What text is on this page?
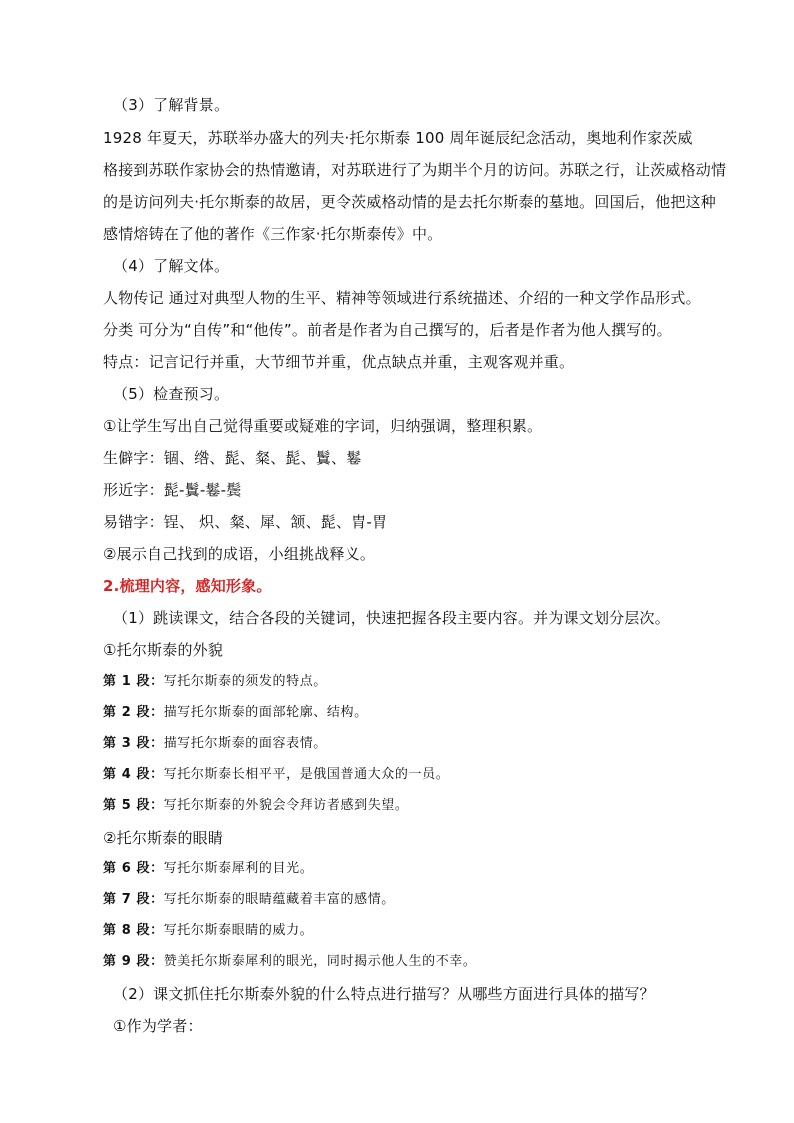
（3）了解背景。
1928 年夏天，苏联举办盛大的列夫·托尔斯泰 100 周年诞辰纪念活动，奥地利作家茨威
格接到苏联作家协会的热情邀请，对苏联进行了为期半个月的访问。苏联之行，让茨威格动情
的是访问列夫·托尔斯泰的故居，更令茨威格动情的是去托尔斯泰的墓地。回国后，他把这种
感情熔铸在了他的著作《三作家·托尔斯泰传》中。
（4）了解文体。
人物传记 通过对典型人物的生平、精神等领域进行系统描述、介绍的一种文学作品形式。
分类 可分为“自传”和“他传”。前者是作者为自己撰写的，后者是作者为他人撰写的。
特点：记言记行并重，大节细节并重，优点缺点并重，主观客观并重。
（5）检查预习。
①让学生写出自己觉得重要或疑难的字词，归纳强调，整理积累。
生僻字：锢、绺、髭、粲、髭、鬒、鬈
形近字：髭-鬒-鬈-鬓
易错字：锃、 炽、粲、犀、颔、髭、胄-胃
②展示自己找到的成语，小组挑战释义。
2.梳理内容，感知形象。
（1）跳读课文，结合各段的关键词，快速把握各段主要内容。并为课文划分层次。
①托尔斯泰的外貌
第 1 段：写托尔斯泰的须发的特点。
第 2 段：描写托尔斯泰的面部轮廓、结构。
第 3 段：描写托尔斯泰的面容表情。
第 4 段：写托尔斯泰长相平平，是俄国普通大众的一员。
第 5 段：写托尔斯泰的外貌会令拜访者感到失望。
②托尔斯泰的眼睛
第 6 段：写托尔斯泰犀利的目光。
第 7 段：写托尔斯泰的眼睛蕴藏着丰富的感情。
第 8 段：写托尔斯泰眼睛的威力。
第 9 段：赞美托尔斯泰犀利的眼光，同时揭示他人生的不幸。
（2）课文抓住托尔斯泰外貌的什么特点进行描写？从哪些方面进行具体的描写？
①作为学者：
